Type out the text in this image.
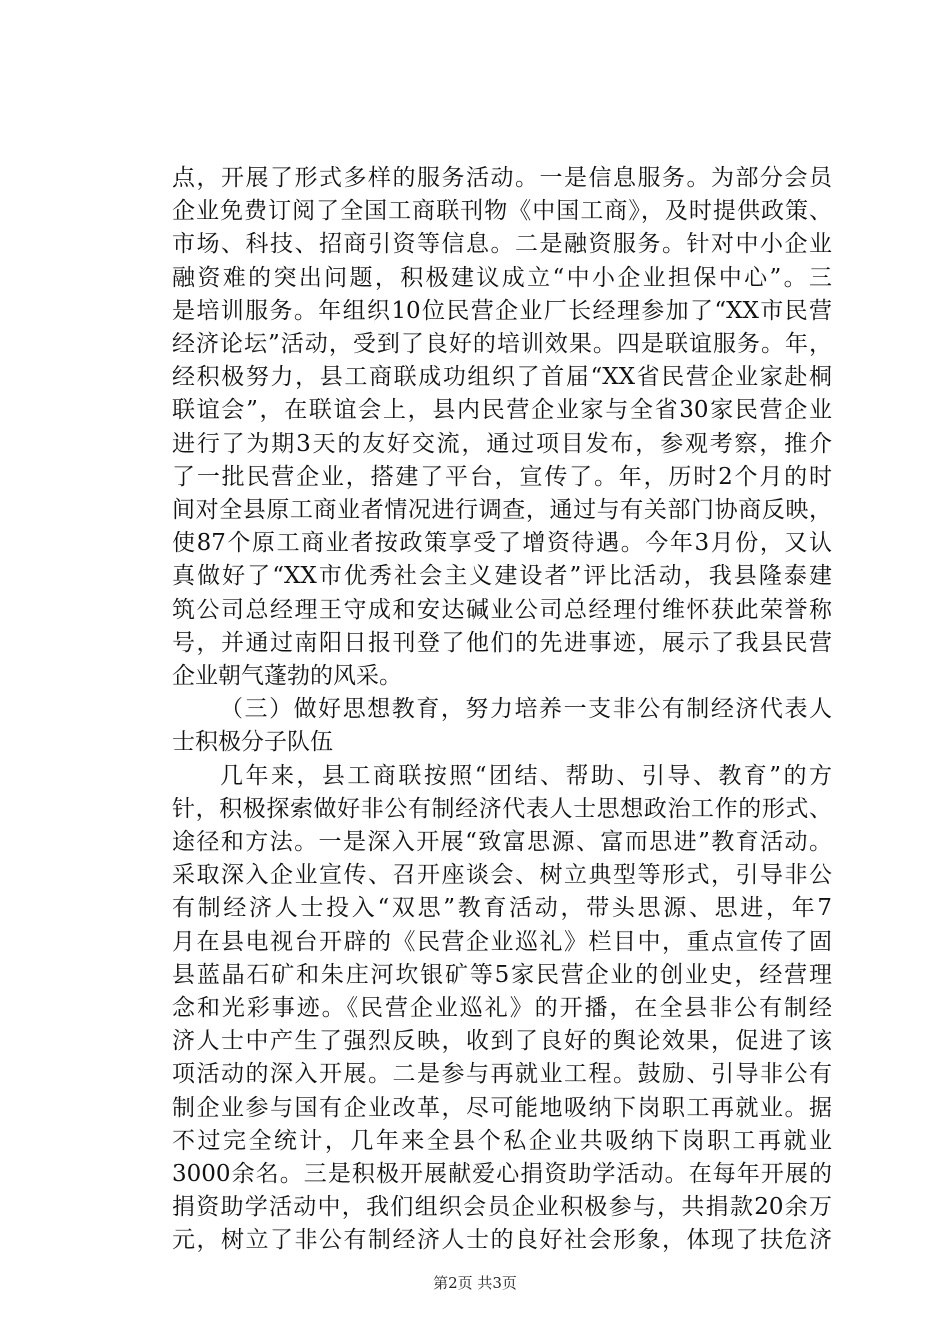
点，开展了形式多样的服务活动。一是信息服务。为部分会员
企业免费订阅了全国工商联刊物《中国工商》，及时提供政策、
市场、科技、招商引资等信息。二是融资服务。针对中小企业
融资难的突出问题，积极建议成立“中小企业担保中心”。三
是培训服务。年组织10位民营企业厂长经理参加了“XX市民营
经济论坛”活动，受到了良好的培训效果。四是联谊服务。年，
经积极努力，县工商联成功组织了首届“XX省民营企业家赴桐
联谊会”，在联谊会上，县内民营企业家与全省30家民营企业
进行了为期3天的友好交流，通过项目发布，参观考察，推介
了一批民营企业，搭建了平台，宣传了。年，历时2个月的时
间对全县原工商业者情况进行调查，通过与有关部门协商反映，
使87个原工商业者按政策享受了增资待遇。今年3月份，又认
真做好了“XX市优秀社会主义建设者”评比活动，我县隆泰建
筑公司总经理王守成和安达碱业公司总经理付维怀获此荣誉称
号，并通过南阳日报刊登了他们的先进事迹，展示了我县民营
企业朝气蓬勃的风采。
（三）做好思想教育，努力培养一支非公有制经济代表人
士积极分子队伍
几年来，县工商联按照“团结、帮助、引导、教育”的方
针，积极探索做好非公有制经济代表人士思想政治工作的形式、
途径和方法。一是深入开展“致富思源、富而思进”教育活动。
采取深入企业宣传、召开座谈会、树立典型等形式，引导非公
有制经济人士投入“双思”教育活动，带头思源、思进，年7
月在县电视台开辟的《民营企业巡礼》栏目中，重点宣传了固
县蓝晶石矿和朱庄河坎银矿等5家民营企业的创业史，经营理
念和光彩事迹。《民营企业巡礼》的开播，在全县非公有制经
济人士中产生了强烈反映，收到了良好的舆论效果，促进了该
项活动的深入开展。二是参与再就业工程。鼓励、引导非公有
制企业参与国有企业改革，尽可能地吸纳下岗职工再就业。据
不过完全统计，几年来全县个私企业共吸纳下岗职工再就业
3000余名。三是积极开展献爱心捐资助学活动。在每年开展的
捐资助学活动中，我们组织会员企业积极参与，共捐款20余万
元，树立了非公有制经济人士的良好社会形象，体现了扶危济
第2页 共3页
